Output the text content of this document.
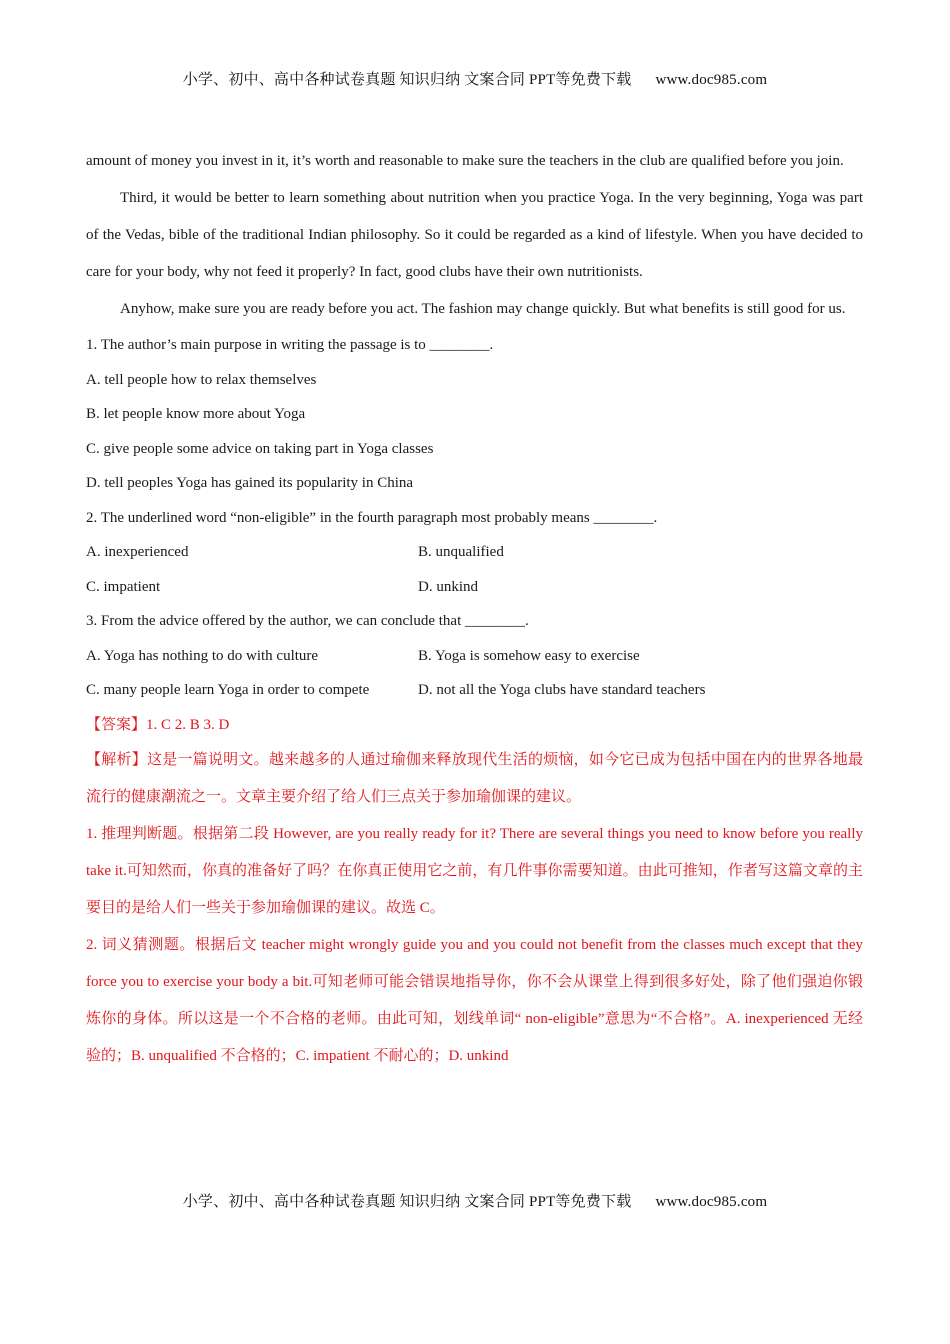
小学、初中、高中各种试卷真题 知识归纳 文案合同 PPT等免费下载 www.doc985.com

amount of money you invest in it, it’s worth and reasonable to make sure the teachers in the club are qualified before you join.

Third, it would be better to learn something about nutrition when you practice Yoga. In the very beginning, Yoga was part of the Vedas, bible of the traditional Indian philosophy. So it could be regarded as a kind of lifestyle. When you have decided to care for your body, why not feed it properly? In fact, good clubs have their own nutritionists.

Anyhow, make sure you are ready before you act. The fashion may change quickly. But what benefits is still good for us.

1. The author’s main purpose in writing the passage is to ________.

A. tell people how to relax themselves

B. let people know more about Yoga

C. give people some advice on taking part in Yoga classes

D. tell peoples Yoga has gained its popularity in China

2. The underlined word “non-eligible” in the fourth paragraph most probably means ________.

A. inexperienced	B. unqualified
C. impatient	D. unkind

3. From the advice offered by the author, we can conclude that ________.

A. Yoga has nothing to do with culture	B. Yoga is somehow easy to exercise
C. many people learn Yoga in order to compete	D. not all the Yoga clubs have standard teachers

【答案】1. C 2. B 3. D

【解析】这是一篇说明文。越来越多的人通过瑜伽来释放现代生活的烦恼，如今它已成为包括中国在内的世界各地最流行的健康潮流之一。文章主要介绍了给人们三点关于参加瑜伽课的建议。

1. 推理判断题。根据第二段 However, are you really ready for it? There are several things you need to know before you really take it.可知然而，你真的准备好了吗？在你真正使用它之前，有几件事你需要知道。由此可推知，作者写这篇文章的主要目的是给人们一些关于参加瑜伽课的建议。故选 C。

2. 词义猜测题。根据后文 teacher might wrongly guide you and you could not benefit from the classes much except that they force you to exercise your body a bit.可知老师可能会错误地指导你，你不会从课堂上得到很多好处，除了他们强迫你锻炼你的身体。所以这是一个不合格的老师。由此可知，划线单词“ non-eligible”意思为“不合格”。A. inexperienced 无经验的；B. unqualified 不合格的；C. impatient 不耐心的；D. unkind

小学、初中、高中各种试卷真题 知识归纳 文案合同 PPT等免费下载 www.doc985.com
